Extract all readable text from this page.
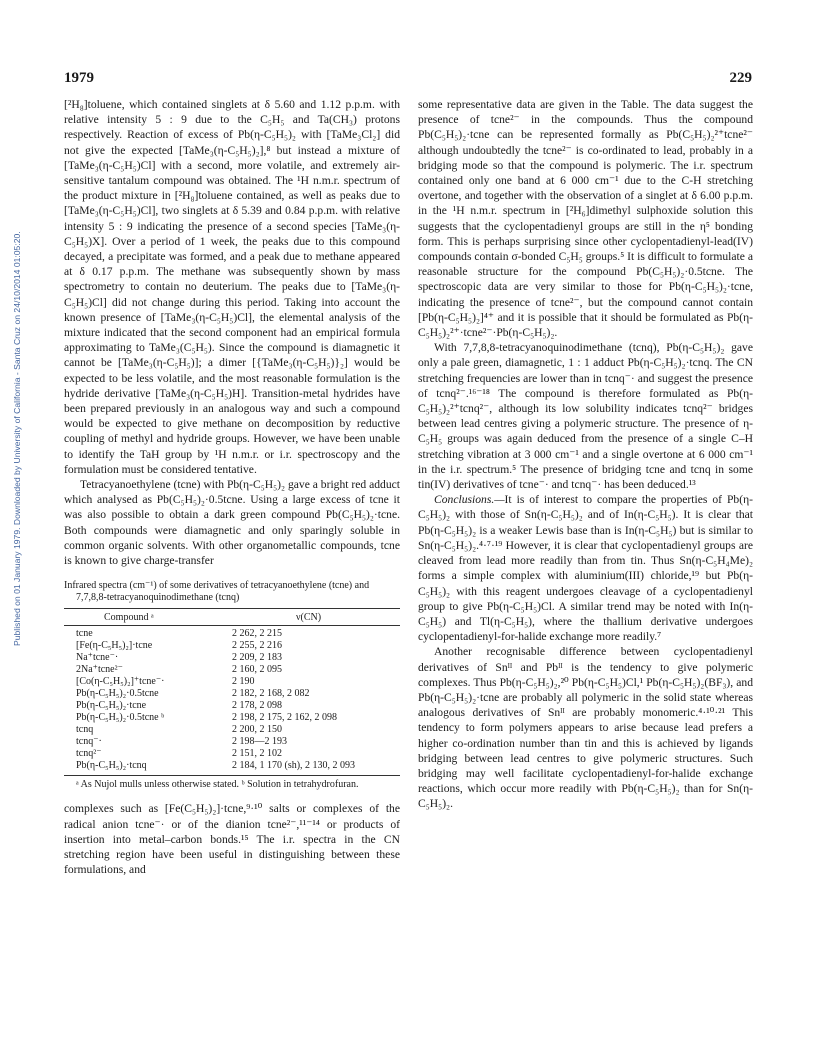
1979	229
Published on 01 January 1979. Downloaded by University of California - Santa Cruz on 24/10/2014 01:05:20.

[²H₈]toluene, which contained singlets at δ 5.60 and 1.12 p.p.m. with relative intensity 5 : 9 due to the C₅H₅ and Ta(CH₃) protons respectively. Reaction of excess of Pb(η-C₅H₅)₂ with [TaMe₃Cl₂] did not give the expected [TaMe₃(η-C₅H₅)₂],⁸ but instead a mixture of [TaMe₃(η-C₅H₅)Cl] with a second, more volatile, and extremely air-sensitive tantalum compound was obtained. The ¹H n.m.r. spectrum of the product mixture in [²H₈]toluene contained, as well as peaks due to [TaMe₃(η-C₅H₅)Cl], two singlets at δ 5.39 and 0.84 p.p.m. with relative intensity 5 : 9 indicating the presence of a second species [TaMe₃(η-C₅H₅)X]. Over a period of 1 week, the peaks due to this compound decayed, a precipitate was formed, and a peak due to methane appeared at δ 0.17 p.p.m. The methane was subsequently shown by mass spectrometry to contain no deuterium. The peaks due to [TaMe₃(η-C₅H₅)Cl] did not change during this period. Taking into account the known presence of [TaMe₃(η-C₅H₅)Cl], the elemental analysis of the mixture indicated that the second component had an empirical formula approximating to TaMe₃(C₅H₅). Since the compound is diamagnetic it cannot be [TaMe₃(η-C₅H₅)]; a dimer [{TaMe₃(η-C₅H₅)}₂] would be expected to be less volatile, and the most reasonable formulation is the hydride derivative [TaMe₃(η-C₅H₅)H]. Transition-metal hydrides have been prepared previously in an analogous way and such a compound would be expected to give methane on decomposition by reductive coupling of methyl and hydride groups. However, we have been unable to identify the TaH group by ¹H n.m.r. or i.r. spectroscopy and the formulation must be considered tentative.

Tetracyanoethylene (tcne) with Pb(η-C₅H₅)₂ gave a bright red adduct which analysed as Pb(C₅H₅)₂·0.5tcne. Using a large excess of tcne it was also possible to obtain a dark green compound Pb(C₅H₅)₂·tcne. Both compounds were diamagnetic and only sparingly soluble in common organic solvents. With other organometallic compounds, tcne is known to give charge-transfer

Infrared spectra (cm⁻¹) of some derivatives of tetracyanoethylene (tcne) and 7,7,8,8-tetracyanoquinodimethane (tcnq)

Compound ᵃ	ν(CN)
tcne	2 262, 2 215
[Fe(η-C₅H₅)₂]·tcne	2 255, 2 216
Na⁺tcne⁻·	2 209, 2 183
2Na⁺tcne²⁻	2 160, 2 095
[Co(η-C₅H₅)₂]⁺tcne⁻·	2 190
Pb(η-C₅H₅)₂·0.5tcne	2 182, 2 168, 2 082
Pb(η-C₅H₅)₂·tcne	2 178, 2 098
Pb(η-C₅H₅)₂·0.5tcne ᵇ	2 198, 2 175, 2 162, 2 098
tcnq	2 200, 2 150
tcnq⁻·	2 198—2 193
tcnq²⁻	2 151, 2 102
Pb(η-C₅H₅)₂·tcnq	2 184, 1 170 (sh), 2 130, 2 093

ᵃ As Nujol mulls unless otherwise stated. ᵇ Solution in tetrahydrofuran.

complexes such as [Fe(C₅H₅)₂]·tcne,⁹·¹⁰ salts or complexes of the radical anion tcne⁻· or of the dianion tcne²⁻,¹¹⁻¹⁴ or products of insertion into metal–carbon bonds.¹⁵ The i.r. spectra in the CN stretching region have been useful in distinguishing between these formulations, and

some representative data are given in the Table. The data suggest the presence of tcne²⁻ in the compounds. Thus the compound Pb(C₅H₅)₂·tcne can be represented formally as Pb(C₅H₅)₂²⁺tcne²⁻ although undoubtedly the tcne²⁻ is co-ordinated to lead, probably in a bridging mode so that the compound is polymeric. The i.r. spectrum contained only one band at 6 000 cm⁻¹ due to the C-H stretching overtone, and together with the observation of a singlet at δ 6.00 p.p.m. in the ¹H n.m.r. spectrum in [²H₆]dimethyl sulphoxide solution this suggests that the cyclopentadienyl groups are still in the η⁵ bonding form. This is perhaps surprising since other cyclopentadienyl-lead(IV) compounds contain σ-bonded C₅H₅ groups.⁵ It is difficult to formulate a reasonable structure for the compound Pb(C₅H₅)₂·0.5tcne. The spectroscopic data are very similar to those for Pb(η-C₅H₅)₂·tcne, indicating the presence of tcne²⁻, but the compound cannot contain [Pb(η-C₅H₅)₂]⁴⁺ and it is possible that it should be formulated as Pb(η-C₅H₅)₂²⁺·tcne²⁻·Pb(η-C₅H₅)₂.

With 7,7,8,8-tetracyanoquinodimethane (tcnq), Pb(η-C₅H₅)₂ gave only a pale green, diamagnetic, 1 : 1 adduct Pb(η-C₅H₅)₂·tcnq. The CN stretching frequencies are lower than in tcnq⁻· and suggest the presence of tcnq²⁻.¹⁶⁻¹⁸ The compound is therefore formulated as Pb(η-C₅H₅)₂²⁺tcnq²⁻, although its low solubility indicates tcnq²⁻ bridges between lead centres giving a polymeric structure. The presence of η-C₅H₅ groups was again deduced from the presence of a single C–H stretching vibration at 3 000 cm⁻¹ and a single overtone at 6 000 cm⁻¹ in the i.r. spectrum.⁵ The presence of bridging tcne and tcnq in some tin(IV) derivatives of tcne⁻· and tcnq⁻· has been deduced.¹³

Conclusions.—It is of interest to compare the properties of Pb(η-C₅H₅)₂ with those of Sn(η-C₅H₅)₂ and of In(η-C₅H₅). It is clear that Pb(η-C₅H₅)₂ is a weaker Lewis base than is In(η-C₅H₅) but is similar to Sn(η-C₅H₅)₂.⁴·⁷·¹⁹ However, it is clear that cyclopentadienyl groups are cleaved from lead more readily than from tin. Thus Sn(η-C₅H₄Me)₂ forms a simple complex with aluminium(III) chloride,¹⁹ but Pb(η-C₅H₅)₂ with this reagent undergoes cleavage of a cyclopentadienyl group to give Pb(η-C₅H₅)Cl. A similar trend may be noted with In(η-C₅H₅) and Tl(η-C₅H₅), where the thallium derivative undergoes cyclopentadienyl-for-halide exchange more readily.⁷

Another recognisable difference between cyclopentadienyl derivatives of Snᴵᴵ and Pbᴵᴵ is the tendency to give polymeric complexes. Thus Pb(η-C₅H₅)₂,²⁰ Pb(η-C₅H₅)Cl,¹ Pb(η-C₅H₅)₂(BF₃), and Pb(η-C₅H₅)₂·tcne are probably all polymeric in the solid state whereas analogous derivatives of Snᴵᴵ are probably monomeric.⁴·¹⁰·²¹ This tendency to form polymers appears to arise because lead prefers a higher co-ordination number than tin and this is achieved by ligands bridging between lead centres to give polymeric structures. Such bridging may well facilitate cyclopentadienyl-for-halide exchange reactions, which occur more readily with Pb(η-C₅H₅)₂ than for Sn(η-C₅H₅)₂.
